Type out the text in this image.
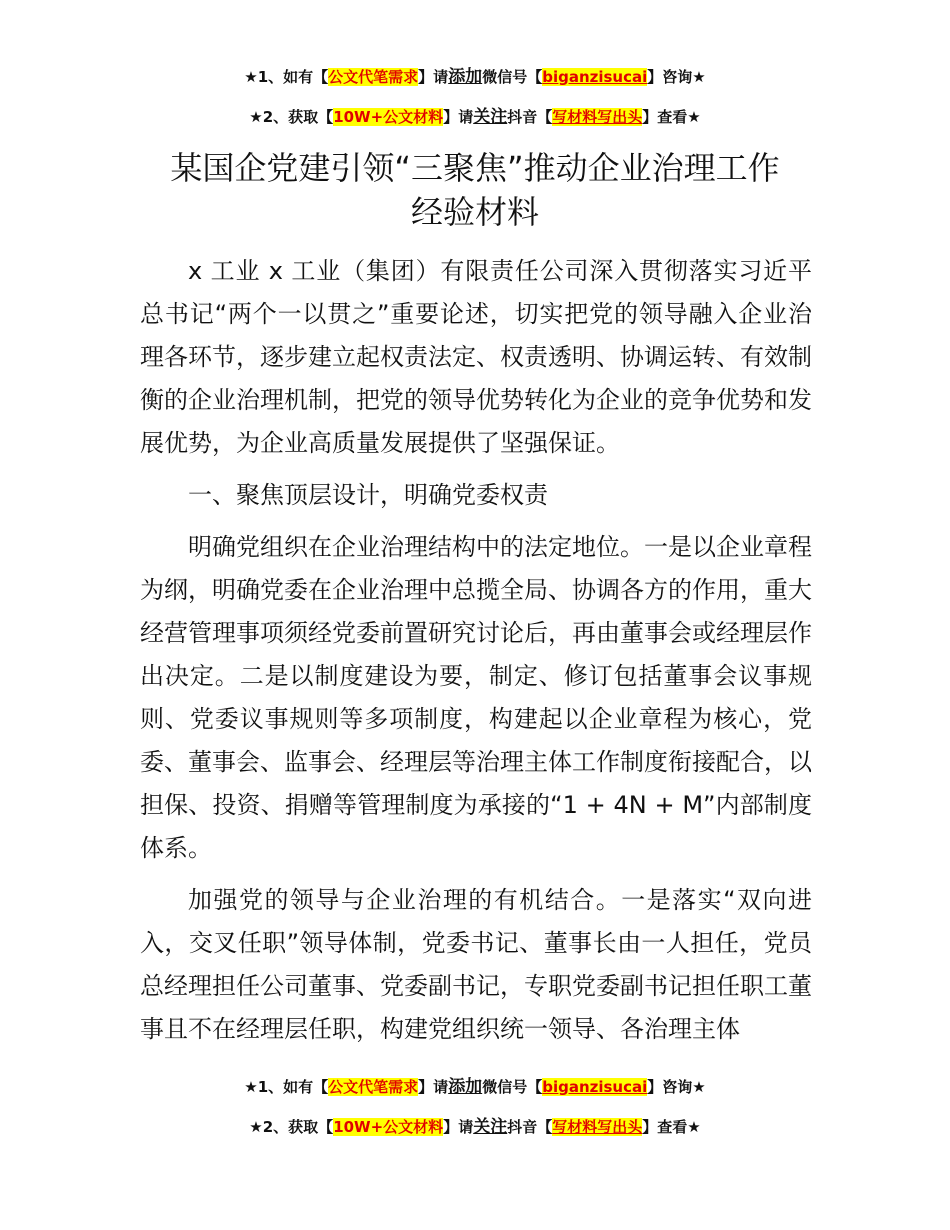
★1、如有【公文代笔需求】请添加微信号【biganzisucai】咨询★
★2、获取【10W+公文材料】请关注抖音【写材料写出头】查看★
某国企党建引领“三聚焦”推动企业治理工作
经验材料

x 工业 x 工业（集团）有限责任公司深入贯彻落实习近平总书记“两个一以贯之”重要论述，切实把党的领导融入企业治理各环节，逐步建立起权责法定、权责透明、协调运转、有效制衡的企业治理机制，把党的领导优势转化为企业的竞争优势和发展优势，为企业高质量发展提供了坚强保证。

一、聚焦顶层设计，明确党委权责

明确党组织在企业治理结构中的法定地位。一是以企业章程为纲，明确党委在企业治理中总揽全局、协调各方的作用，重大经营管理事项须经党委前置研究讨论后，再由董事会或经理层作出决定。二是以制度建设为要，制定、修订包括董事会议事规则、党委议事规则等多项制度，构建起以企业章程为核心，党委、董事会、监事会、经理层等治理主体工作制度衔接配合，以担保、投资、捐赠等管理制度为承接的“1 + 4N + M”内部制度体系。

加强党的领导与企业治理的有机结合。一是落实“双向进入，交叉任职”领导体制，党委书记、董事长由一人担任，党员总经理担任公司董事、党委副书记，专职党委副书记担任职工董事且不在经理层任职，构建党组织统一领导、各治理主体

★1、如有【公文代笔需求】请添加微信号【biganzisucai】咨询★
★2、获取【10W+公文材料】请关注抖音【写材料写出头】查看★
